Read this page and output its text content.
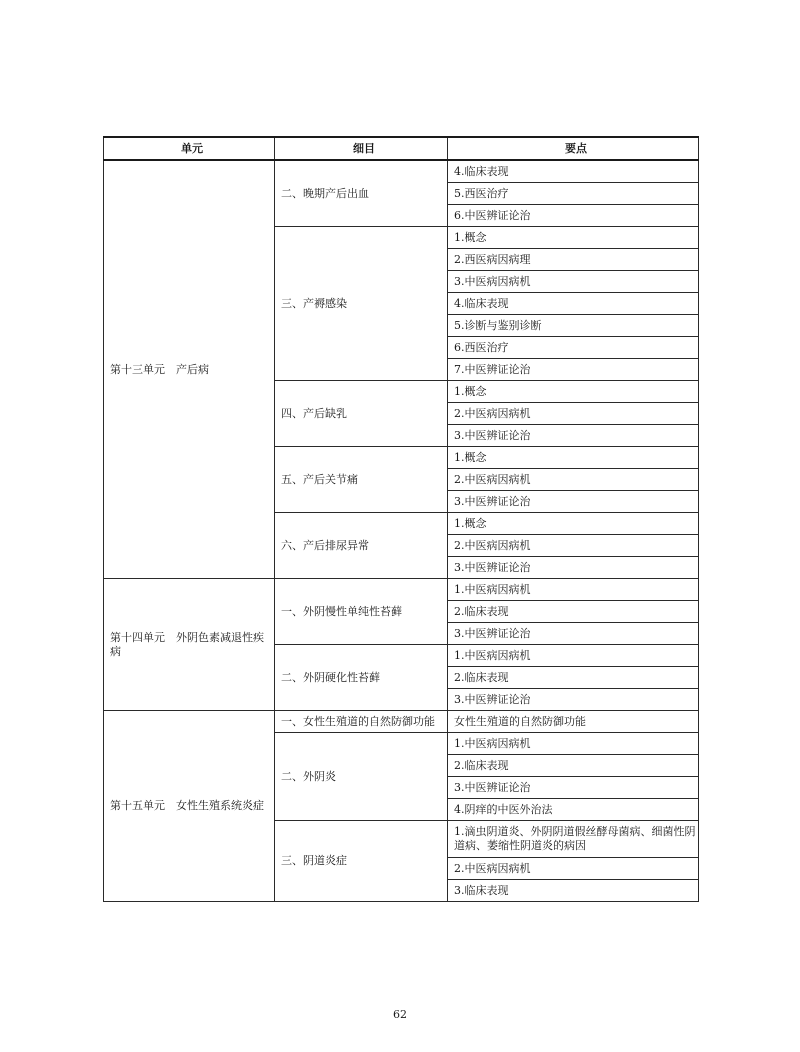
单元	细目	要点
第十三单元　产后病	二、晚期产后出血	4.临床表现
		5.西医治疗
		6.中医辨证论治
	三、产褥感染	1.概念
		2.西医病因病理
		3.中医病因病机
		4.临床表现
		5.诊断与鉴别诊断
		6.西医治疗
		7.中医辨证论治
	四、产后缺乳	1.概念
		2.中医病因病机
		3.中医辨证论治
	五、产后关节痛	1.概念
		2.中医病因病机
		3.中医辨证论治
	六、产后排尿异常	1.概念
		2.中医病因病机
		3.中医辨证论治
第十四单元　外阴色素减退性疾病	一、外阴慢性单纯性苔藓	1.中医病因病机
		2.临床表现
		3.中医辨证论治
	二、外阴硬化性苔藓	1.中医病因病机
		2.临床表现
		3.中医辨证论治
第十五单元　女性生殖系统炎症	一、女性生殖道的自然防御功能	女性生殖道的自然防御功能
	二、外阴炎	1.中医病因病机
		2.临床表现
		3.中医辨证论治
		4.阴痒的中医外治法
	三、阴道炎症	1.滴虫阴道炎、外阴阴道假丝酵母菌病、细菌性阴道病、萎缩性阴道炎的病因
		2.中医病因病机
		3.临床表现
62
